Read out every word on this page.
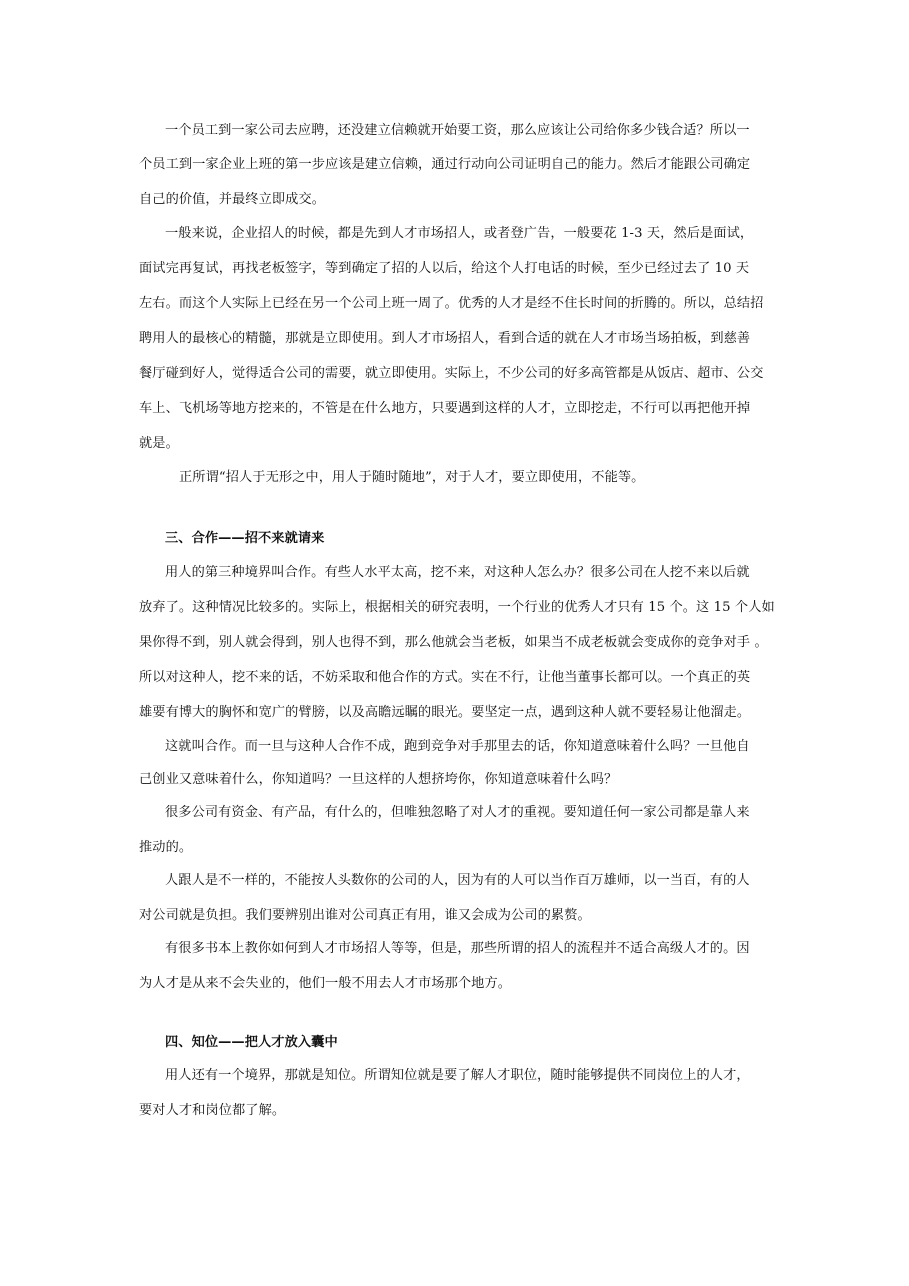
一个员工到一家公司去应聘，还没建立信赖就开始要工资，那么应该让公司给你多少钱合适？所以一
个员工到一家企业上班的第一步应该是建立信赖，通过行动向公司证明自己的能力。然后才能跟公司确定
自己的价值，并最终立即成交。
一般来说，企业招人的时候，都是先到人才市场招人，或者登广告，一般要花 1-3 天，然后是面试，
面试完再复试，再找老板签字，等到确定了招的人以后，给这个人打电话的时候，至少已经过去了 10 天
左右。而这个人实际上已经在另一个公司上班一周了。优秀的人才是经不住长时间的折腾的。所以，总结招
聘用人的最核心的精髓，那就是立即使用。到人才市场招人，看到合适的就在人才市场当场拍板，到慈善
餐厅碰到好人，觉得适合公司的需要，就立即使用。实际上，不少公司的好多高管都是从饭店、超市、公交
车上、飞机场等地方挖来的，不管是在什么地方，只要遇到这样的人才，立即挖走，不行可以再把他开掉
就是。
正所谓“招人于无形之中，用人于随时随地”，对于人才，要立即使用，不能等。
三、合作——招不来就请来
用人的第三种境界叫合作。有些人水平太高，挖不来，对这种人怎么办？很多公司在人挖不来以后就
放弃了。这种情况比较多的。实际上，根据相关的研究表明，一个行业的优秀人才只有 15 个。这 15 个人如
果你得不到，别人就会得到，别人也得不到，那么他就会当老板，如果当不成老板就会变成你的竞争对手 。
所以对这种人，挖不来的话，不妨采取和他合作的方式。实在不行，让他当董事长都可以。一个真正的英
雄要有博大的胸怀和宽广的臂膀，以及高瞻远瞩的眼光。要坚定一点，遇到这种人就不要轻易让他溜走。
这就叫合作。而一旦与这种人合作不成，跑到竞争对手那里去的话，你知道意味着什么吗？一旦他自
己创业又意味着什么，你知道吗？一旦这样的人想挤垮你，你知道意味着什么吗？
很多公司有资金、有产品，有什么的，但唯独忽略了对人才的重视。要知道任何一家公司都是靠人来
推动的。
人跟人是不一样的，不能按人头数你的公司的人，因为有的人可以当作百万雄师，以一当百，有的人
对公司就是负担。我们要辨别出谁对公司真正有用，谁又会成为公司的累赘。
有很多书本上教你如何到人才市场招人等等，但是，那些所谓的招人的流程并不适合高级人才的。因
为人才是从来不会失业的，他们一般不用去人才市场那个地方。
四、知位——把人才放入囊中
用人还有一个境界，那就是知位。所谓知位就是要了解人才职位，随时能够提供不同岗位上的人才，
要对人才和岗位都了解。
